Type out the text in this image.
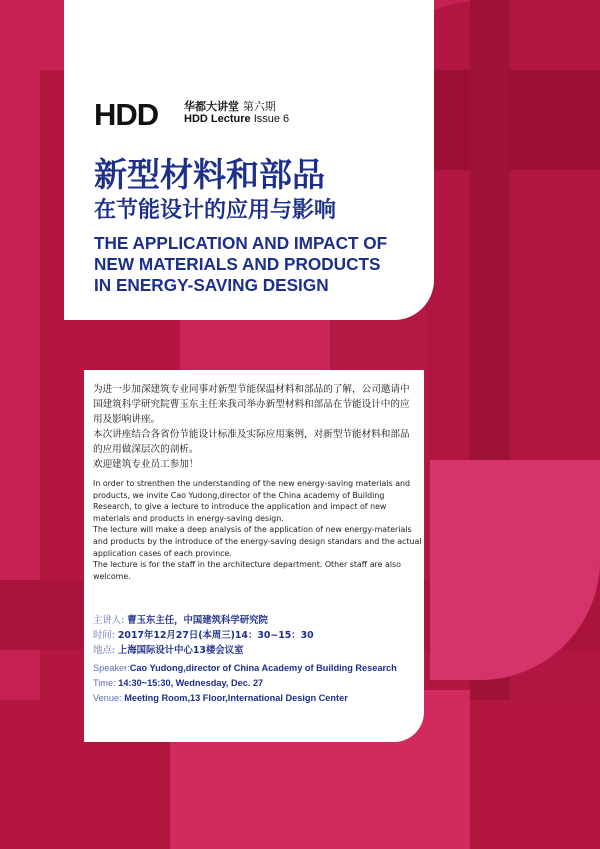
HDD 华都大讲堂 第六期
HDD Lecture Issue 6
新型材料和部品
在节能设计的应用与影响
THE APPLICATION AND IMPACT OF
NEW MATERIALS AND PRODUCTS
IN ENERGY-SAVING DESIGN

为进一步加深建筑专业同事对新型节能保温材料和部品的了解，公司邀请中国建筑科学研究院曹玉东主任来我司举办新型材料和部品在节能设计中的应用及影响讲座。

本次讲座结合各省份节能设计标准及实际应用案例，对新型节能材料和部品的应用做深层次的剖析。

欢迎建筑专业员工参加！

In order to strenthen the understanding of the new energy-saving materials and products, we invite Cao Yudong,director of the China academy of Building Research, to give a lecture to introduce the application and impact of new materials and products in energy-saving design.

The lecture will make a deep analysis of the application of new energy-materials and products by the introduce of the energy-saving design standars and the actual application cases of each province.

The lecture is for the staff in the architecture department. Other staff are also welcome.

主讲人: 曹玉东主任，中国建筑科学研究院
时间: 2017年12月27日(本周三)14：30~15：30
地点: 上海国际设计中心13楼会议室
Speaker:Cao Yudong,director of China Academy of Building Research
Time: 14:30~15:30, Wednesday, Dec. 27
Venue: Meeting Room,13 Floor,International Design Center
